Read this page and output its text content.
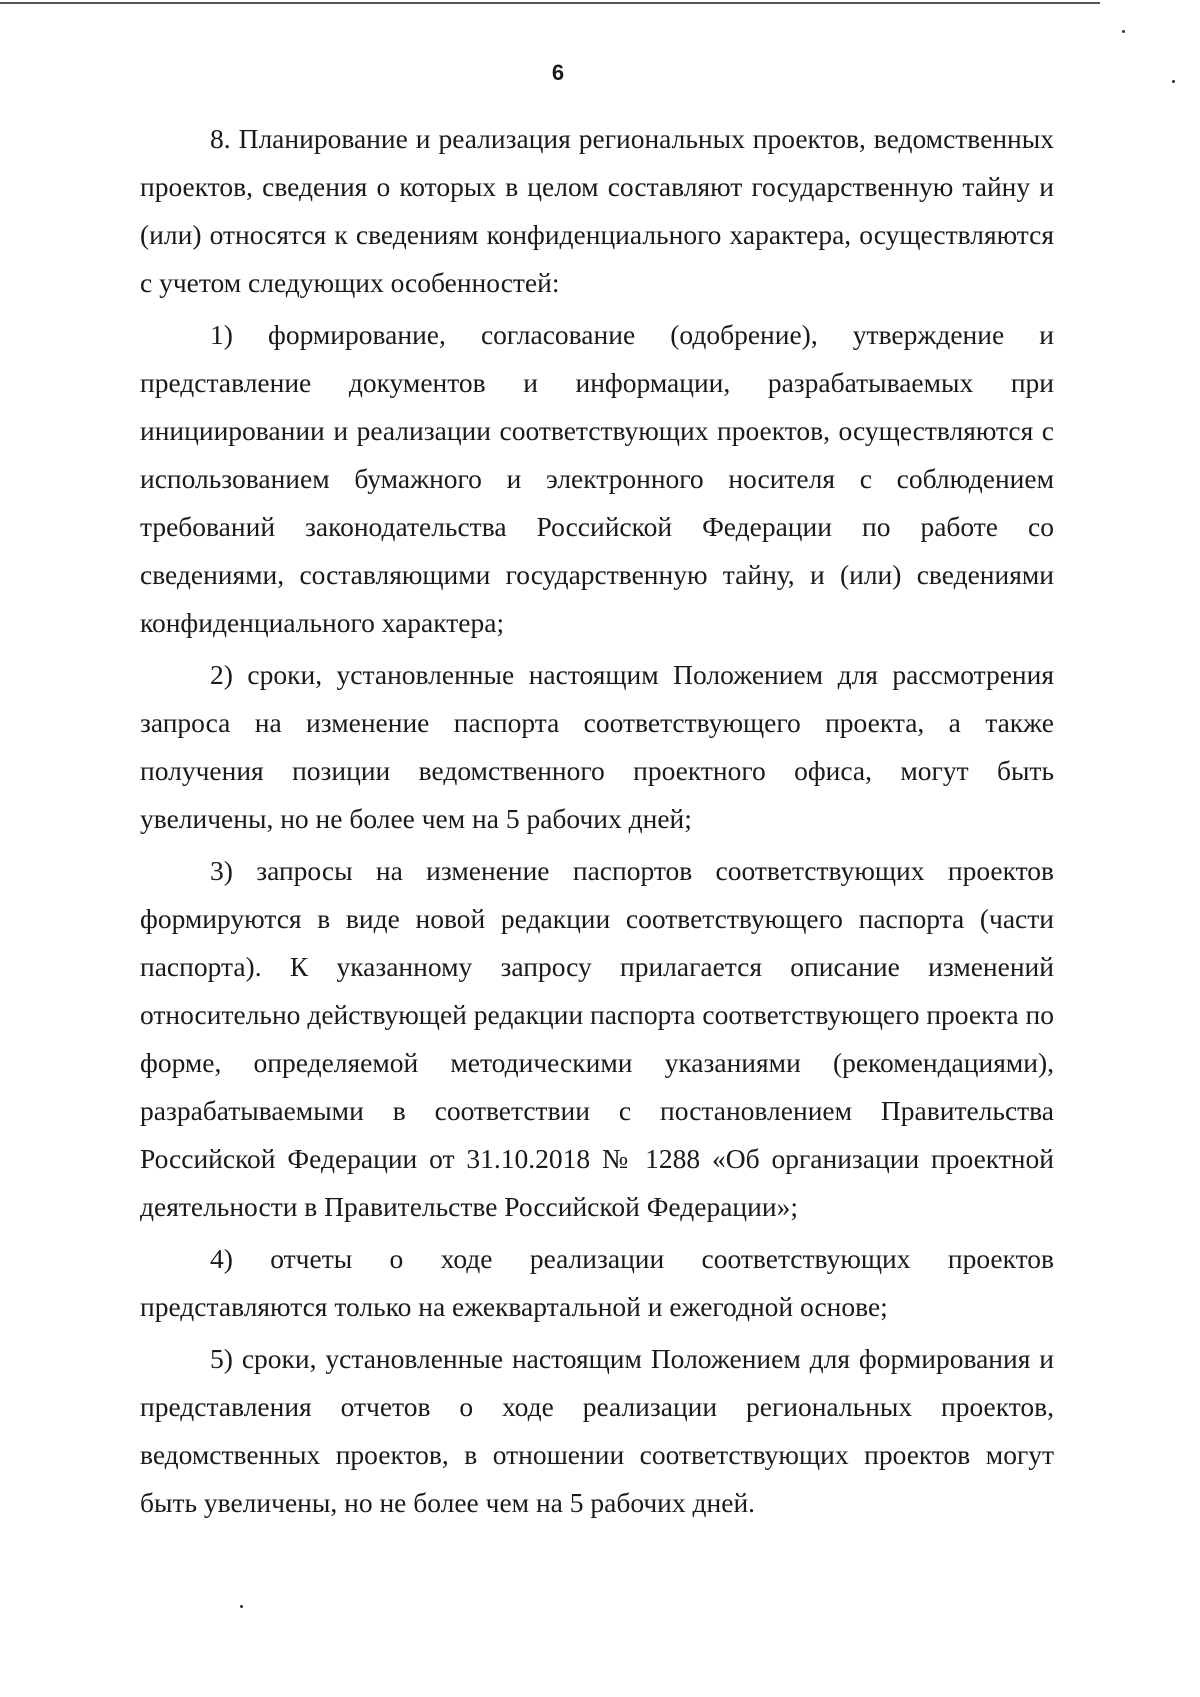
6

8. Планирование и реализация региональных проектов, ведомственных проектов, сведения о которых в целом составляют государственную тайну и (или) относятся к сведениям конфиденциального характера, осуществляются с учетом следующих особенностей:

1) формирование, согласование (одобрение), утверждение и представление документов и информации, разрабатываемых при инициировании и реализации соответствующих проектов, осуществляются с использованием бумажного и электронного носителя с соблюдением требований законодательства Российской Федерации по работе со сведениями, составляющими государственную тайну, и (или) сведениями конфиденциального характера;

2) сроки, установленные настоящим Положением для рассмотрения запроса на изменение паспорта соответствующего проекта, а также получения позиции ведомственного проектного офиса, могут быть увеличены, но не более чем на 5 рабочих дней;

3) запросы на изменение паспортов соответствующих проектов формируются в виде новой редакции соответствующего паспорта (части паспорта). К указанному запросу прилагается описание изменений относительно действующей редакции паспорта соответствующего проекта по форме, определяемой методическими указаниями (рекомендациями), разрабатываемыми в соответствии с постановлением Правительства Российской Федерации от 31.10.2018 № 1288 «Об организации проектной деятельности в Правительстве Российской Федерации»;

4) отчеты о ходе реализации соответствующих проектов представляются только на ежеквартальной и ежегодной основе;

5) сроки, установленные настоящим Положением для формирования и представления отчетов о ходе реализации региональных проектов, ведомственных проектов, в отношении соответствующих проектов могут быть увеличены, но не более чем на 5 рабочих дней.
